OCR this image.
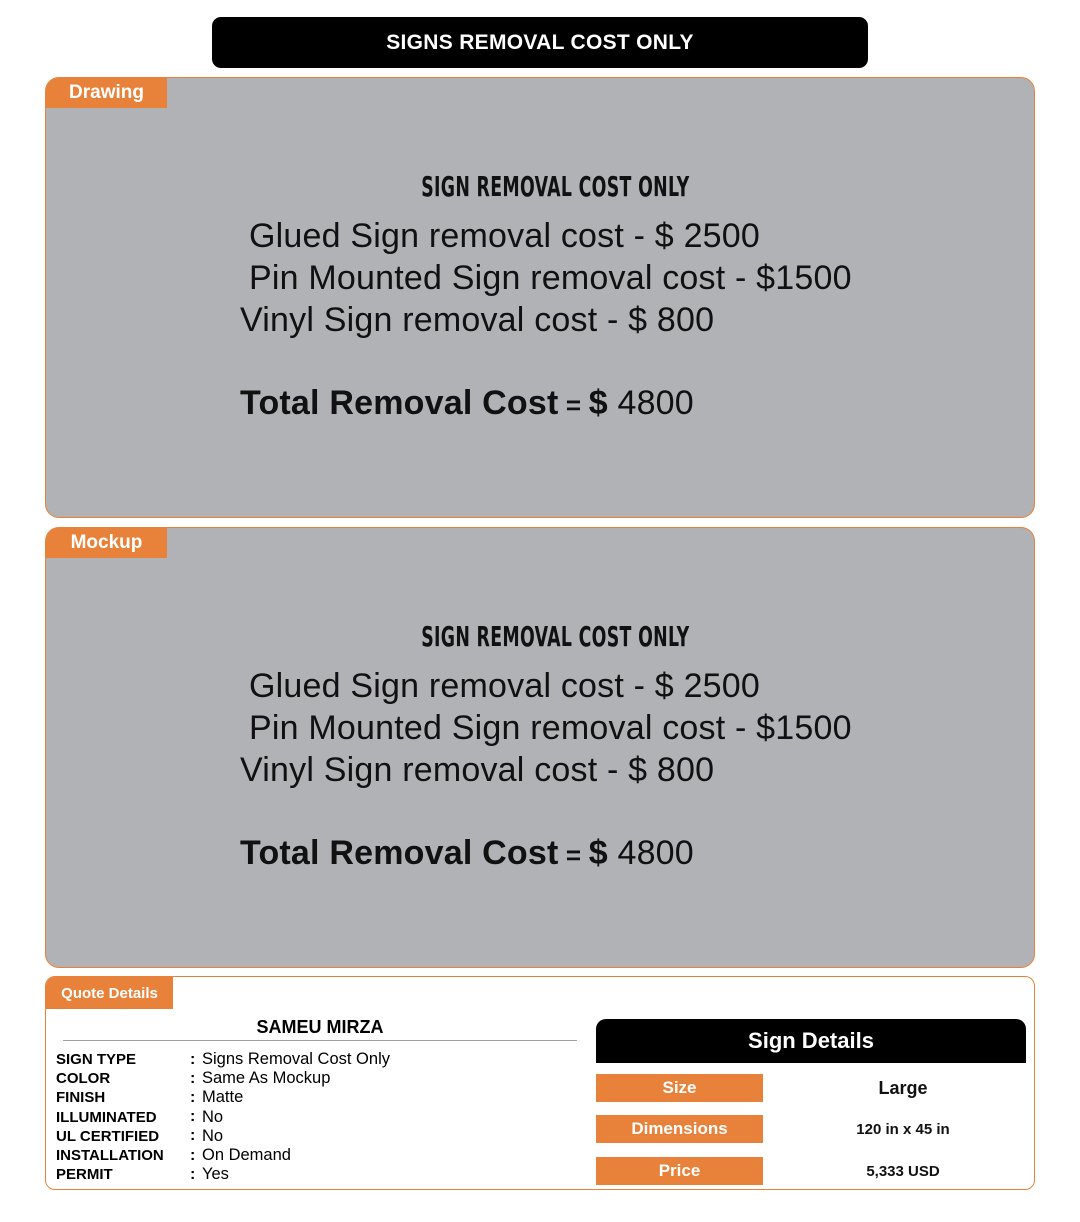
SIGNS REMOVAL COST ONLY
Drawing
SIGN REMOVAL COST ONLY
Glued Sign removal cost - $ 2500
Pin Mounted Sign removal cost - $1500
Vinyl Sign removal cost - $ 800
Total Removal Cost = $ 4800
Mockup
SIGN REMOVAL COST ONLY
Glued Sign removal cost - $ 2500
Pin Mounted Sign removal cost - $1500
Vinyl Sign removal cost - $ 800
Total Removal Cost = $ 4800
Quote Details
SAMEU MIRZA
SIGN TYPE	: Signs Removal Cost Only
COLOR	: Same As Mockup
FINISH	: Matte
ILLUMINATED	: No
UL CERTIFIED	: No
INSTALLATION	: On Demand
PERMIT	: Yes
Sign Details
Size	Large
Dimensions	120 in x 45 in
Price	5,333 USD
